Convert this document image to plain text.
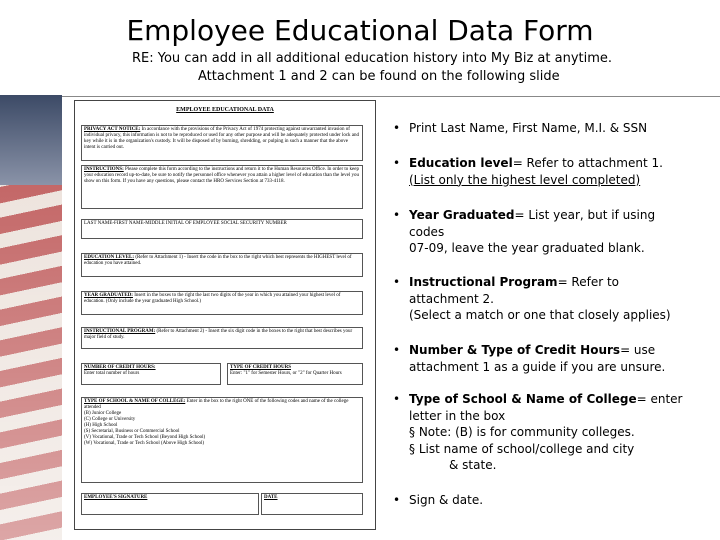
Employee Educational Data Form
RE: You can add in all additional education history into My Biz at anytime.
Attachment 1 and 2 can be found on the following slide
EMPLOYEE EDUCATIONAL DATA
PRIVACY ACT NOTICE: In accordance with the provisions of the Privacy Act of 1974 protecting against unwarranted invasion of individual privacy, this information is not to be reproduced or used for any other purpose and will be adequately protected under lock and key while it is in the organization's custody. It will be disposed of by burning, shredding, or pulping in such a manner that the above intent is carried out.
INSTRUCTIONS: Please complete this form according to the instructions and return it to the Human Resources Office. In order to keep your education record up-to-date, be sure to notify the personnel office whenever you attain a higher level of education than the level you show on this form. If you have any questions, please contact the HRO Services Section at 733-4118.
LAST NAME-FIRST NAME-MIDDLE INITIAL OF EMPLOYEE SOCIAL SECURITY NUMBER
EDUCATION LEVEL: (Refer to Attachment 1) - Insert the code in the box to the right which best represents the HIGHEST level of education you have attained.
YEAR GRADUATED: Insert in the boxes to the right the last two digits of the year in which you attained your highest level of education. (Only include the year graduated High School.)
INSTRUCTIONAL PROGRAM: (Refer to Attachment 2) - Insert the six digit code in the boxes to the right that best describes your major field of study.
NUMBER OF CREDIT HOURS:
Enter total number of hours
TYPE OF CREDIT HOURS
Enter: "1" for Semester Hours, or "2" for Quarter Hours
TYPE OF SCHOOL & NAME OF COLLEGE: Enter in the box to the right ONE of the following codes and name of the college attended
(B) Junior College
(C) College or University
(H) High School
(S) Secretarial, Business or Commercial School
(V) Vocational, Trade or Tech School (Beyond High School)
(W) Vocational, Trade or Tech School (Above High School)
EMPLOYEE'S SIGNATURE	DATE
• Print Last Name, First Name, M.I. & SSN
• Education level= Refer to attachment 1.
(List only the highest level completed)
• Year Graduated= List year, but if using
codes
07-09, leave the year graduated blank.
• Instructional Program= Refer to
attachment 2.
(Select a match or one that closely applies)
• Number & Type of Credit Hours= use
attachment 1 as a guide if you are unsure.
• Type of School & Name of College= enter
letter in the box
§ Note: (B) is for community colleges.
§ List name of school/college and city
& state.
• Sign & date.
